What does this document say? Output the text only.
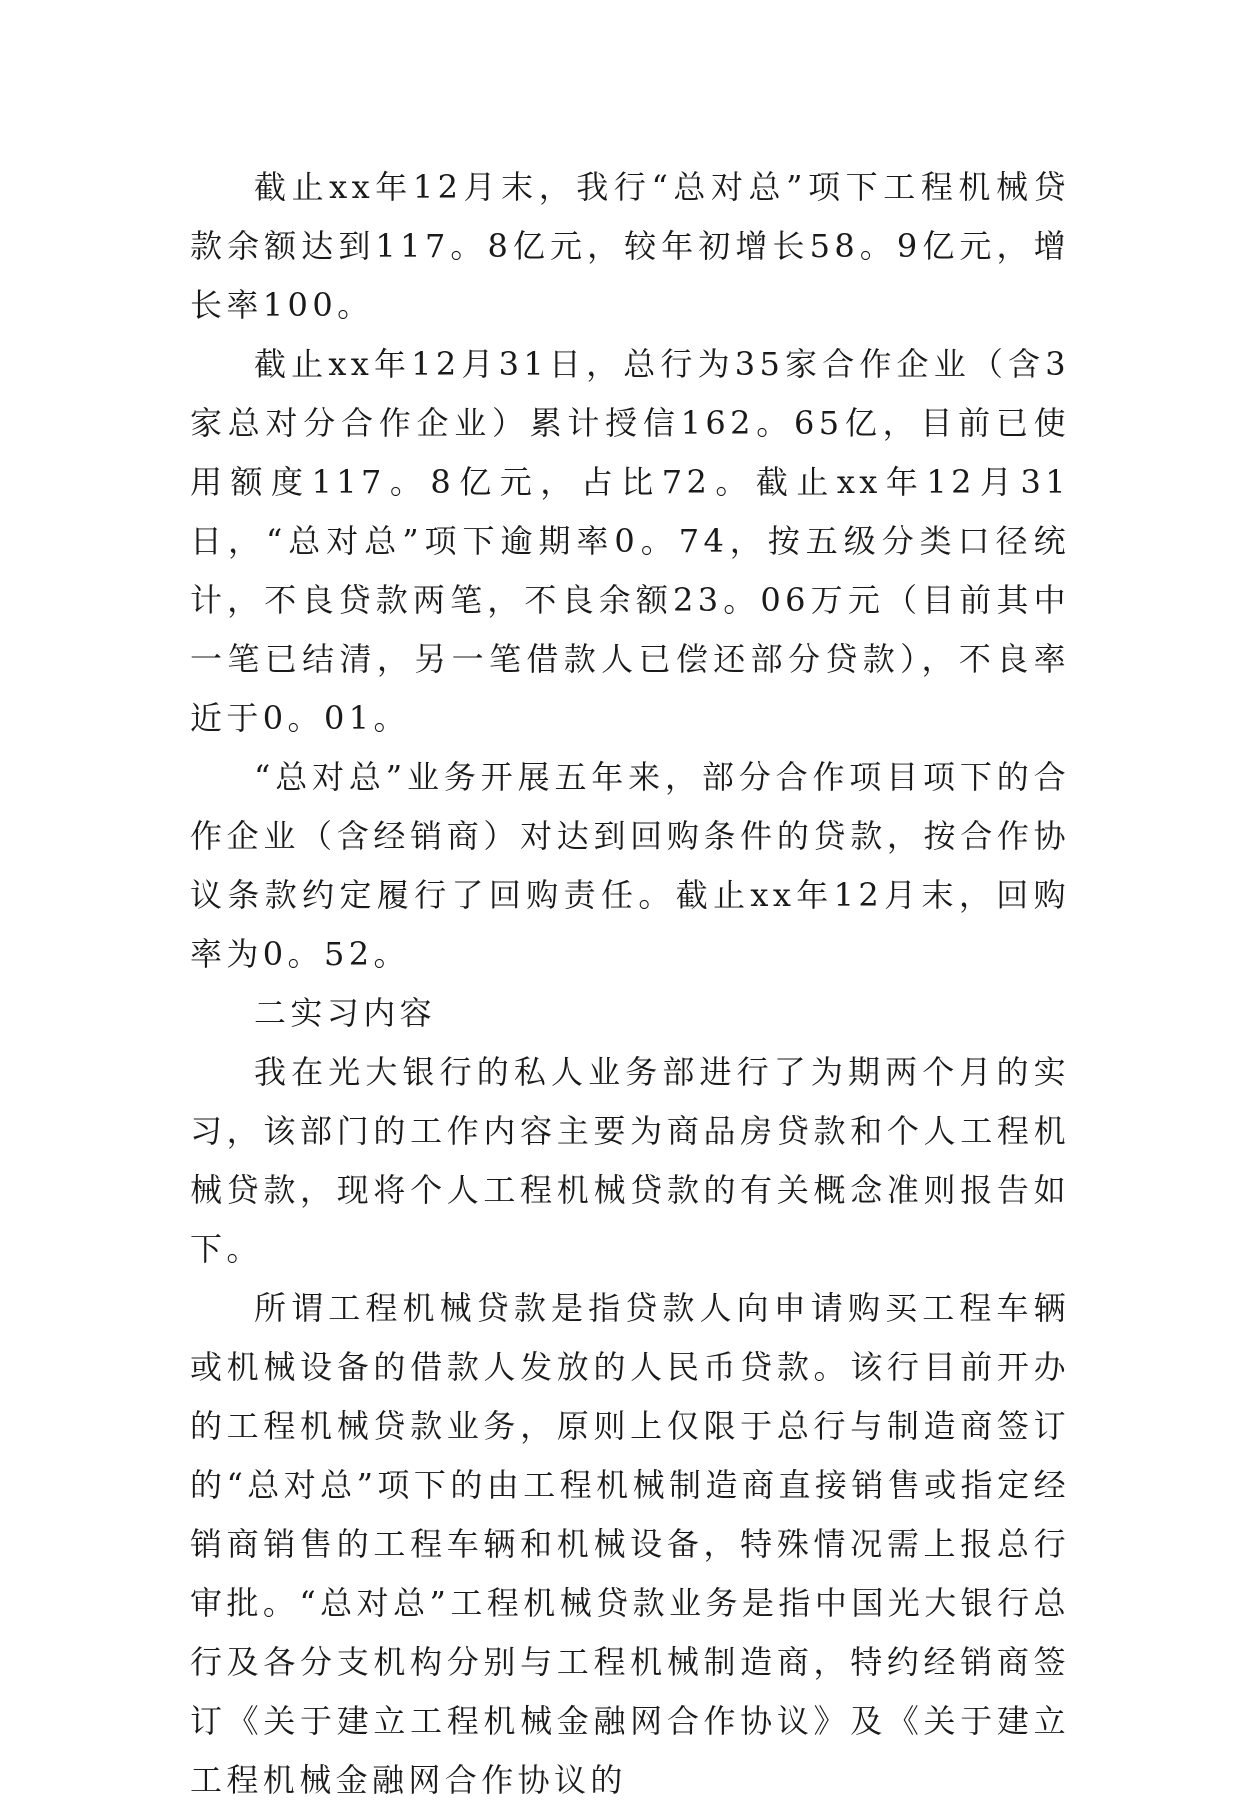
截止xx年12月末，我行“总对总”项下工程机械贷款余额达到117。8亿元，较年初增长58。9亿元，增长率100。

截止xx年12月31日，总行为35家合作企业（含3家总对分合作企业）累计授信162。65亿，目前已使用额度117。8亿元，占比72。截止xx年12月31日，“总对总”项下逾期率0。74，按五级分类口径统计，不良贷款两笔，不良余额23。06万元（目前其中一笔已结清，另一笔借款人已偿还部分贷款），不良率近于0。01。

“总对总”业务开展五年来，部分合作项目项下的合作企业（含经销商）对达到回购条件的贷款，按合作协议条款约定履行了回购责任。截止xx年12月末，回购率为0。52。

二实习内容

我在光大银行的私人业务部进行了为期两个月的实习，该部门的工作内容主要为商品房贷款和个人工程机械贷款，现将个人工程机械贷款的有关概念准则报告如下。

所谓工程机械贷款是指贷款人向申请购买工程车辆或机械设备的借款人发放的人民币贷款。该行目前开办的工程机械贷款业务，原则上仅限于总行与制造商签订的“总对总”项下的由工程机械制造商直接销售或指定经销商销售的工程车辆和机械设备，特殊情况需上报总行审批。“总对总”工程机械贷款业务是指中国光大银行总行及各分支机构分别与工程机械制造商，特约经销商签订《关于建立工程机械金融网合作协议》及《关于建立工程机械金融网合作协议的
